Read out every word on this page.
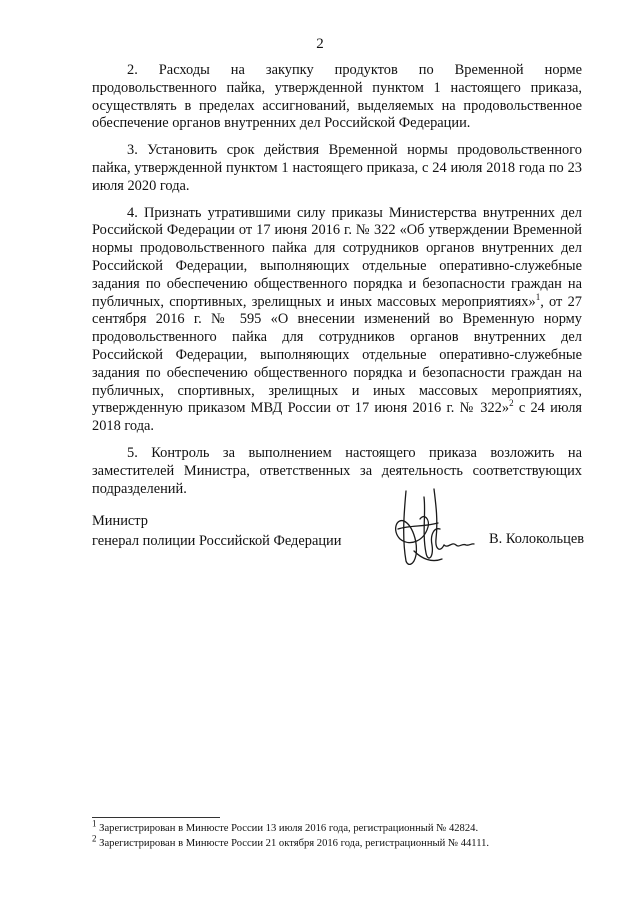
2

2. Расходы на закупку продуктов по Временной норме продовольственного пайка, утвержденной пунктом 1 настоящего приказа, осуществлять в пределах ассигнований, выделяемых на продовольственное обеспечение органов внутренних дел Российской Федерации.

3. Установить срок действия Временной нормы продовольственного пайка, утвержденной пунктом 1 настоящего приказа, с 24 июля 2018 года по 23 июля 2020 года.

4. Признать утратившими силу приказы Министерства внутренних дел Российской Федерации от 17 июня 2016 г. № 322 «Об утверждении Временной нормы продовольственного пайка для сотрудников органов внутренних дел Российской Федерации, выполняющих отдельные оперативно-служебные задания по обеспечению общественного порядка и безопасности граждан на публичных, спортивных, зрелищных и иных массовых мероприятиях»$^1$, от 27 сентября 2016 г. № 595 «О внесении изменений во Временную норму продовольственного пайка для сотрудников органов внутренних дел Российской Федерации, выполняющих отдельные оперативно-служебные задания по обеспечению общественного порядка и безопасности граждан на публичных, спортивных, зрелищных и иных массовых мероприятиях, утвержденную приказом МВД России от 17 июня 2016 г. № 322»$^2$ с 24 июля 2018 года.

5. Контроль за выполнением настоящего приказа возложить на заместителей Министра, ответственных за деятельность соответствующих подразделений.

Министр
генерал полиции Российской Федерации	В. Колокольцев

$^1$ Зарегистрирован в Минюсте России 13 июля 2016 года, регистрационный № 42824.

$^2$ Зарегистрирован в Минюсте России 21 октября 2016 года, регистрационный № 44111.
